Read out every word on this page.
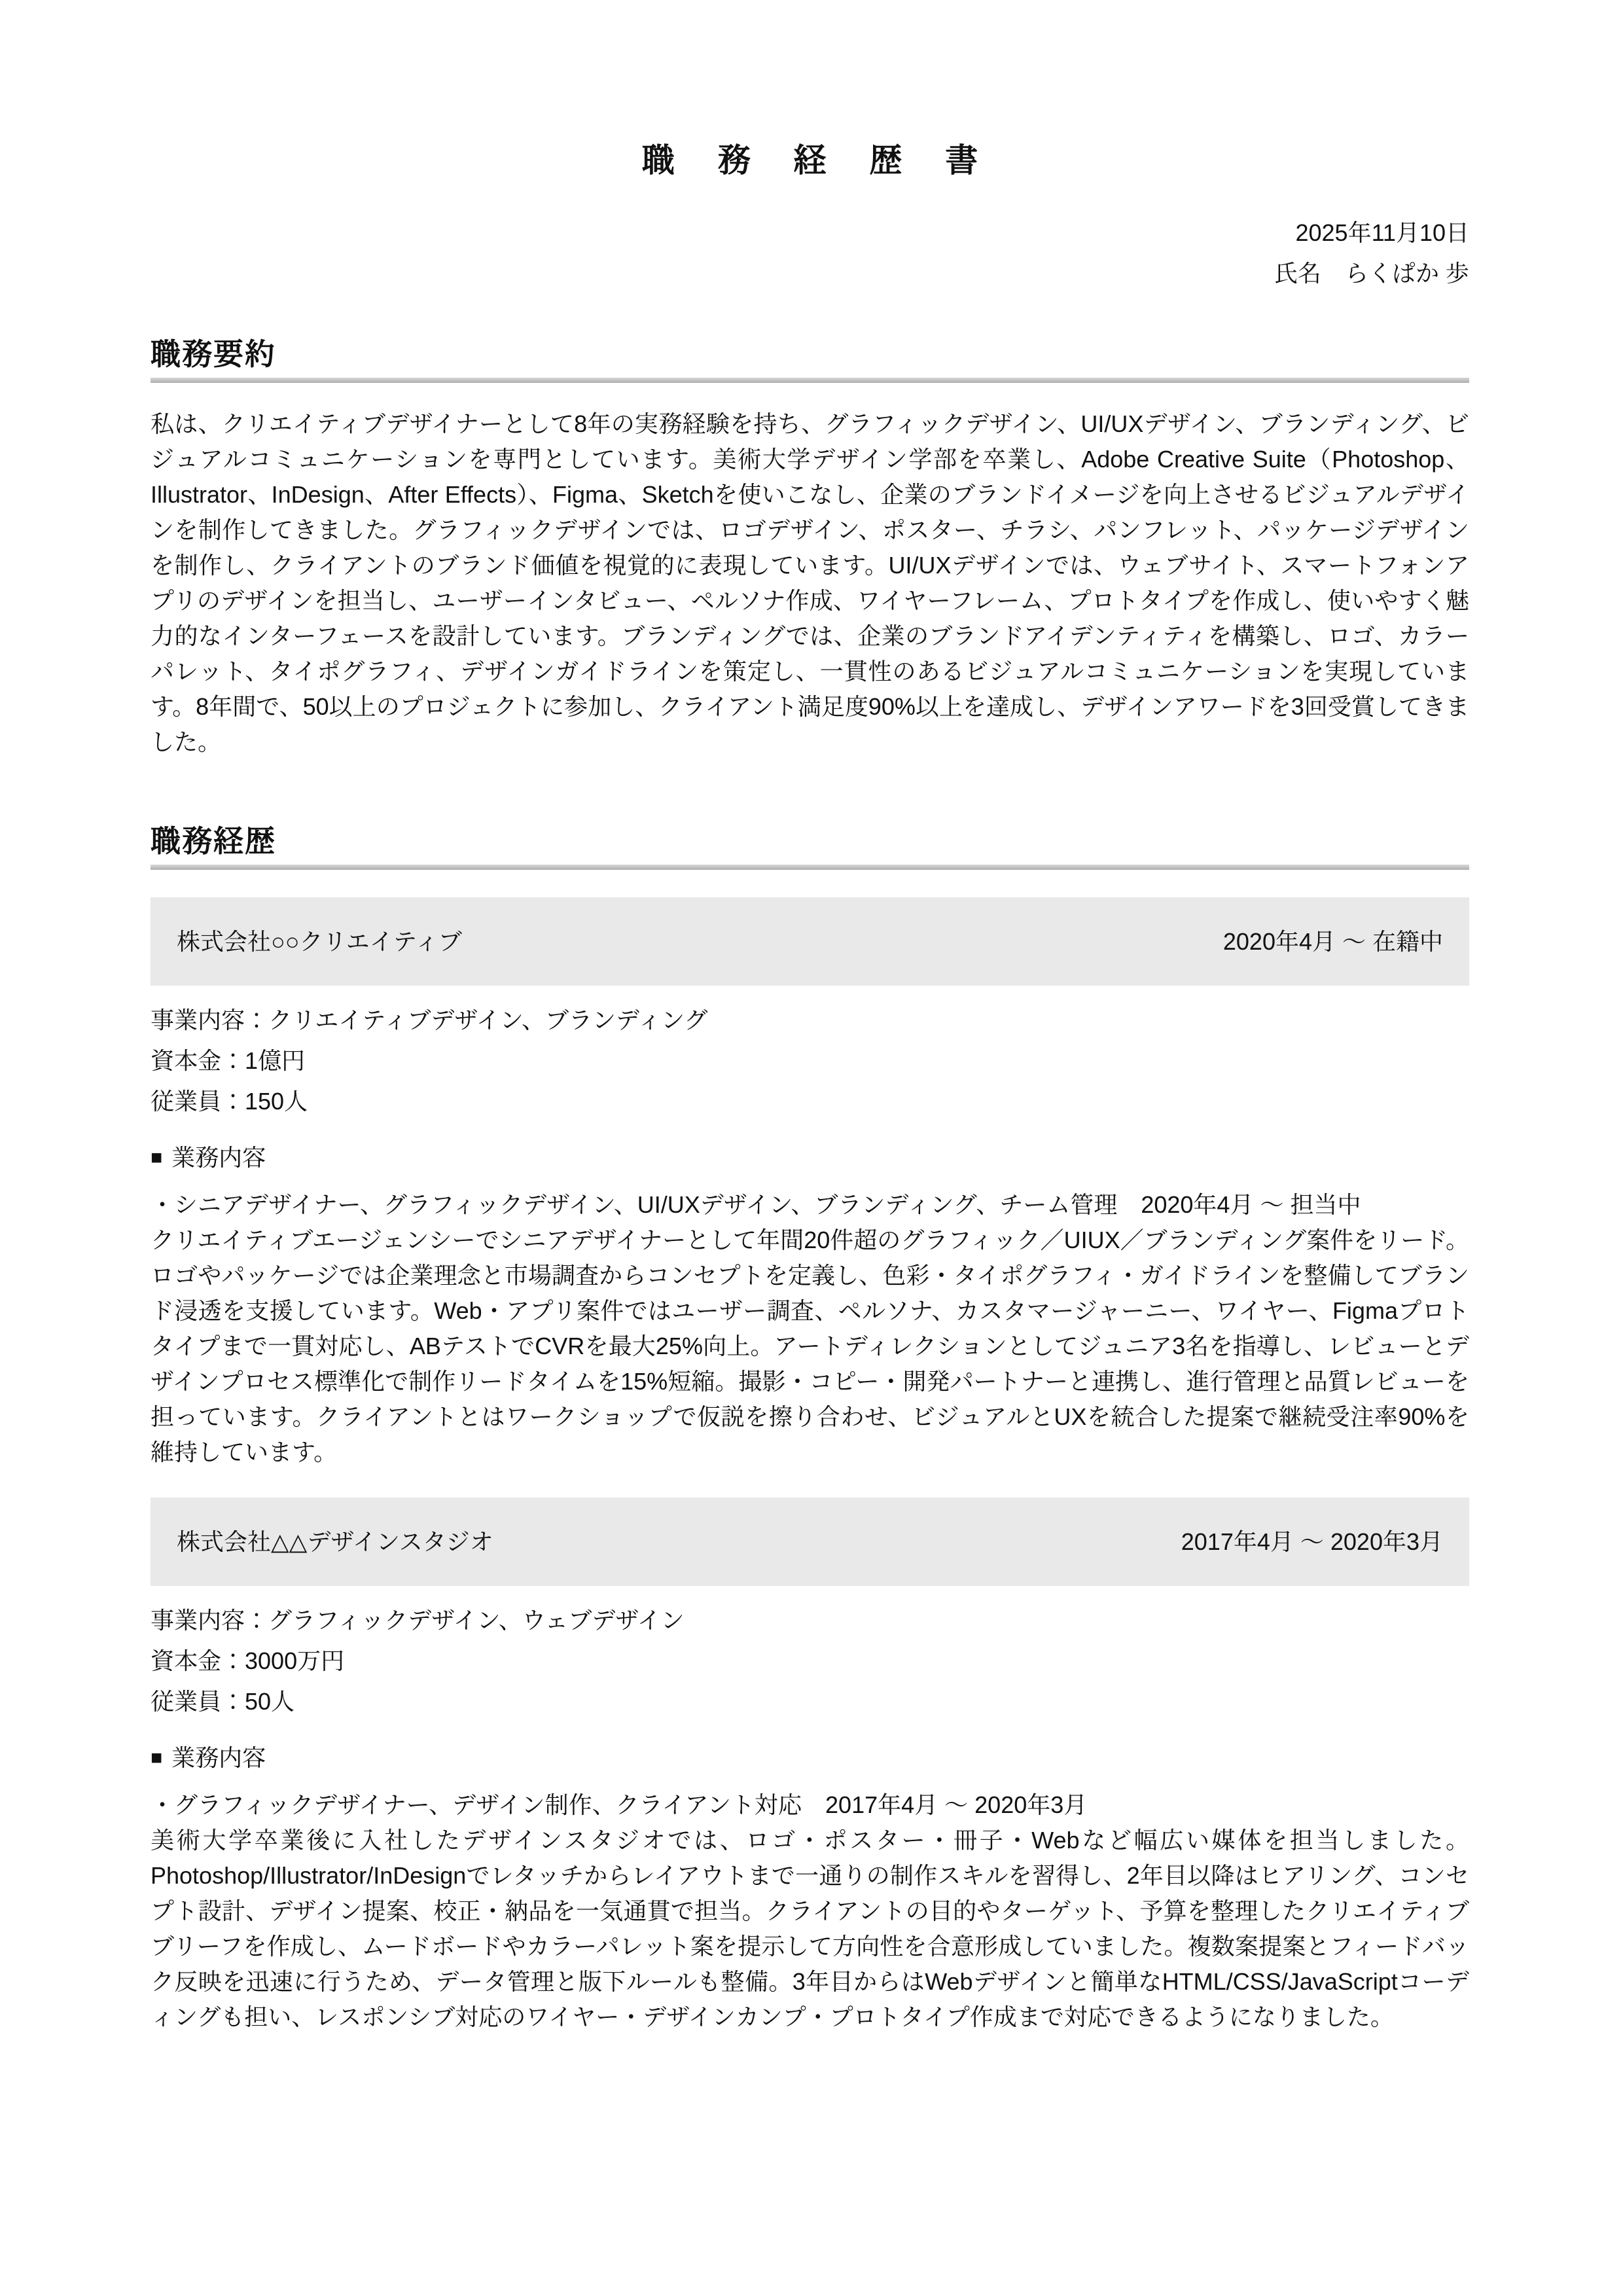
職 務 経 歴 書
2025年11月10日
氏名 らくぱか 歩
職務要約

私は、クリエイティブデザイナーとして8年の実務経験を持ち、グラフィックデザイン、UI/UXデザイン、ブランディング、ビジュアルコミュニケーションを専門としています。美術大学デザイン学部を卒業し、Adobe Creative Suite（Photoshop、Illustrator、InDesign、After Effects）、Figma、Sketchを使いこなし、企業のブランドイメージを向上させるビジュアルデザインを制作してきました。グラフィックデザインでは、ロゴデザイン、ポスター、チラシ、パンフレット、パッケージデザインを制作し、クライアントのブランド価値を視覚的に表現しています。UI/UXデザインでは、ウェブサイト、スマートフォンアプリのデザインを担当し、ユーザーインタビュー、ペルソナ作成、ワイヤーフレーム、プロトタイプを作成し、使いやすく魅力的なインターフェースを設計しています。ブランディングでは、企業のブランドアイデンティティを構築し、ロゴ、カラーパレット、タイポグラフィ、デザインガイドラインを策定し、一貫性のあるビジュアルコミュニケーションを実現しています。8年間で、50以上のプロジェクトに参加し、クライアント満足度90%以上を達成し、デザインアワードを3回受賞してきました。

職務経歴
株式会社○○クリエイティブ	2020年4月 ～ 在籍中
事業内容：クリエイティブデザイン、ブランディング
資本金：1億円
従業員：150人
■ 業務内容
・シニアデザイナー、グラフィックデザイン、UI/UXデザイン、ブランディング、チーム管理　2020年4月 ～ 担当中

クリエイティブエージェンシーでシニアデザイナーとして年間20件超のグラフィック／UIUX／ブランディング案件をリード。ロゴやパッケージでは企業理念と市場調査からコンセプトを定義し、色彩・タイポグラフィ・ガイドラインを整備してブランド浸透を支援しています。Web・アプリ案件ではユーザー調査、ペルソナ、カスタマージャーニー、ワイヤー、Figmaプロトタイプまで一貫対応し、ABテストでCVRを最大25%向上。アートディレクションとしてジュニア3名を指導し、レビューとデザインプロセス標準化で制作リードタイムを15%短縮。撮影・コピー・開発パートナーと連携し、進行管理と品質レビューを担っています。クライアントとはワークショップで仮説を擦り合わせ、ビジュアルとUXを統合した提案で継続受注率90%を維持しています。

株式会社△△デザインスタジオ	2017年4月 ～ 2020年3月
事業内容：グラフィックデザイン、ウェブデザイン
資本金：3000万円
従業員：50人
■ 業務内容
・グラフィックデザイナー、デザイン制作、クライアント対応　2017年4月 ～ 2020年3月

美術大学卒業後に入社したデザインスタジオでは、ロゴ・ポスター・冊子・Webなど幅広い媒体を担当しました。Photoshop/Illustrator/InDesignでレタッチからレイアウトまで一通りの制作スキルを習得し、2年目以降はヒアリング、コンセプト設計、デザイン提案、校正・納品を一気通貫で担当。クライアントの目的やターゲット、予算を整理したクリエイティブブリーフを作成し、ムードボードやカラーパレット案を提示して方向性を合意形成していました。複数案提案とフィードバック反映を迅速に行うため、データ管理と版下ルールも整備。3年目からはWebデザインと簡単なHTML/CSS/JavaScriptコーディングも担い、レスポンシブ対応のワイヤー・デザインカンプ・プロトタイプ作成まで対応できるようになりました。
